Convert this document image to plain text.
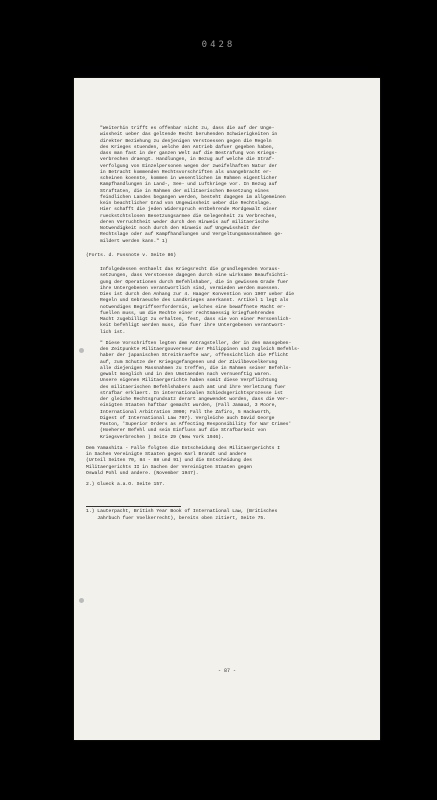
0428

"Weiterhin trifft es offenbar nicht zu, dass die auf der Unge-
wissheit ueber das geltende Recht beruhenden Schwierigkeiten in
direkter Beziehung zu denjenigen Verstoessen gegen die Regeln
des Krieges stuenden, welche den Antrieb dafuer gegeben haben,
dass man fast in der ganzen Welt auf die Bestrafung von Kriegs-
verbrechen draengt. Handlungen, in Bezug auf welche die Straf-
verfolgung von Einzelpersonen wegen der zweifelhaften Natur der
in Betracht kommenden Rechtsvorschriften als unangebracht er-
scheinen koennte, kommen in wesentlichen im Rahmen eigentlicher
Kampfhandlungen in Land-, See- und Luftkriege vor. In Bezug auf
Straftaten, die in Rahmen der militaerischen Besetzung eines
feindlichen Landes begangen werden, besteht dagegen im allgemeinen
kein beachtlicher Grad von Ungewissheit ueber die Rechtslage.
Hier schafft die jeden Widerspruch entbehrende Mordgewalt einer
rueckstchtslosen Besetzungsarmee die Gelegenheit zu Verbrechen,
deren Verruchtheit weder durch den Hinweis auf militaerische
Notwendigkeit noch durch den Hinweis auf Ungewissheit der
Rechtslage oder auf Kampfhandlungen und Vergeltungsmassnahmen ge-
mildert werden kann." 1)

(Forts. d. Fussnote v. Seite 86)

Infolgedessen enthaelt das Kriegsrecht die grundlegenden Voraus-
setzungen, dass Verstoesse dagegen durch eine wirksame Beaufsichti-
gung der Operationen durch Befehlshaber, die in gewissem Grade fuer
ihre Untergebenen verantwortlich sind, vermieden werden muessen.
Dies ist durch den Anhang zur 4. Haager Konvention von 1907 ueber die
Regeln und Gebraeuche des Landkrieges anerkannt. Artikel 1 legt als
notwendiges Begriffserfordernis, welches eine bewaffnete Macht er-
fuellen muss, um die Rechte einer rechtmaessig kriegfuehrenden
Macht zugebilligt zu erhalten, fest, dass sie von einer Persoenlich-
keit befehligt werden muss, die fuer ihre Untergebenen verantwort-
lich ist.

" Diese Vorschriften legten dem Antragsteller, der in den massgeben-
den Zeitpunkte Militaergouverneur der Philippinen und zugleich Befehls-
haber der japanischen Streitkraefte war, offensichtlich die Pflicht
auf, zum Schutze der Kriegsgefangenen und der Zivilbevoelkerung
alle diejenigen Massnahmen zu treffen, die in Rahmen seiner Befehls-
gewalt moeglich und in den Umstaenden nach vernuenftig waren.
Unsere eigenen Militaergerichte haben somit diese Verpflichtung
des militaerischen Befehlshabers auch amt und ihre Verletzung fuer
strafbar erklaert. In internationalen Schiedsgerichtsprozesse ist
der gleiche Rechtsgrundsatz derart angewendet worden, dass die Ver-
einigten Staaten haftbar gemacht wurden, (Fall Jamaud, 3 Moore,
International Arbitration 3000; Fall the Zafiro, 5 Hackworth,
Digest of International Law 707). Vergleiche auch David George
Paston, 'Superior Orders as Affecting Responsibility for War Crimes'
(Hoeherer Befehl und sein Einfluss auf die Strafbarkeit von
Kriegsverbrechen ) Seite 29 (New York 1946).

Dem Yamashita - Falle folgten die Entscheidung des Militaergerichts I
in Sachen Vereinigte Staaten gegen Karl Brandt und andere
(Urteil Seiten 70, 84 - 88 und 91) und die Entscheidung des
Militaergerichts II in Sachen der Vereinigten Staaten gegen
Oswald Pohl und andere. (November 1947).

2.) Glueck a.a.O. Seite 157.

1.) Lauterpacht, British Year Book of International Law, (Britisches
Jahrbuch fuer Voelkerrecht), bereits oben zitiert, Seite 75.

- 87 -
